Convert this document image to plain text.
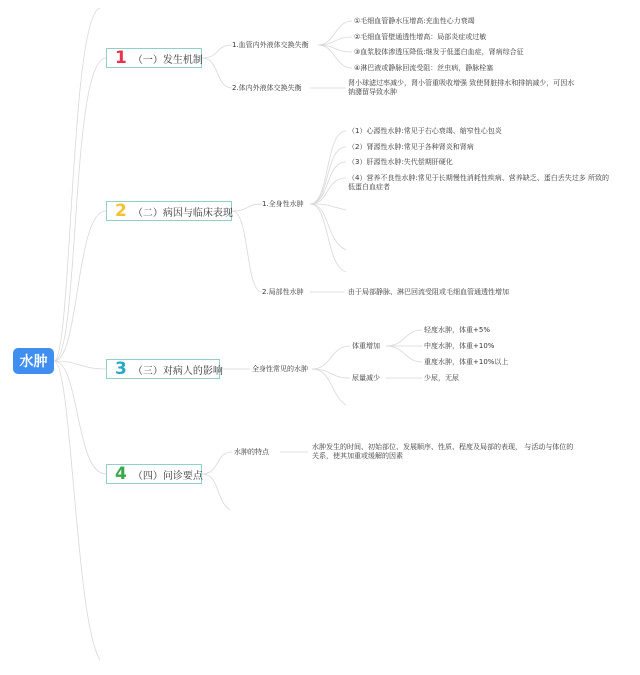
水肿
1 （一）发生机制
1.血管内外液体交换失衡
①毛细血管静水压增高:充血性心力衰竭
②毛细血管壁通透性增高：局部炎症或过敏
③血浆胶体渗透压降低:继发于低蛋白血症，肾病综合征
④淋巴液或静脉回流受阻：丝虫病，静脉栓塞
2.体内外液体交换失衡
肾小球滤过率减少，肾小管重吸收增强 致使肾脏排水和排钠减少，可因水钠潴留导致水肿
2 （二）病因与临床表现
1.全身性水肿
（1）心源性水肿:常见于右心衰竭、缩窄性心包炎
（2）肾源性水肿:常见于各种肾炎和肾病
（3）肝源性水肿:失代偿期肝硬化
（4）营养不良性水肿:常见于长期慢性消耗性疾病、营养缺乏、蛋白丢失过多 所致的低蛋白血症者
2.局部性水肿	由于局部静脉、淋巴回流受阻或毛细血管通透性增加
3 （三）对病人的影响	全身性常见的水肿
体重增加
轻度水肿，体重+5%
中度水肿，体重+10%
重度水肿，体重+10%以上
尿量减少	少尿，无尿
4 （四）问诊要点
水肿的特点
水肿发生的时间、初始部位、发展顺序、性质、程度及局部的表现， 与活动与体位的关系，使其加重或缓解的因素
